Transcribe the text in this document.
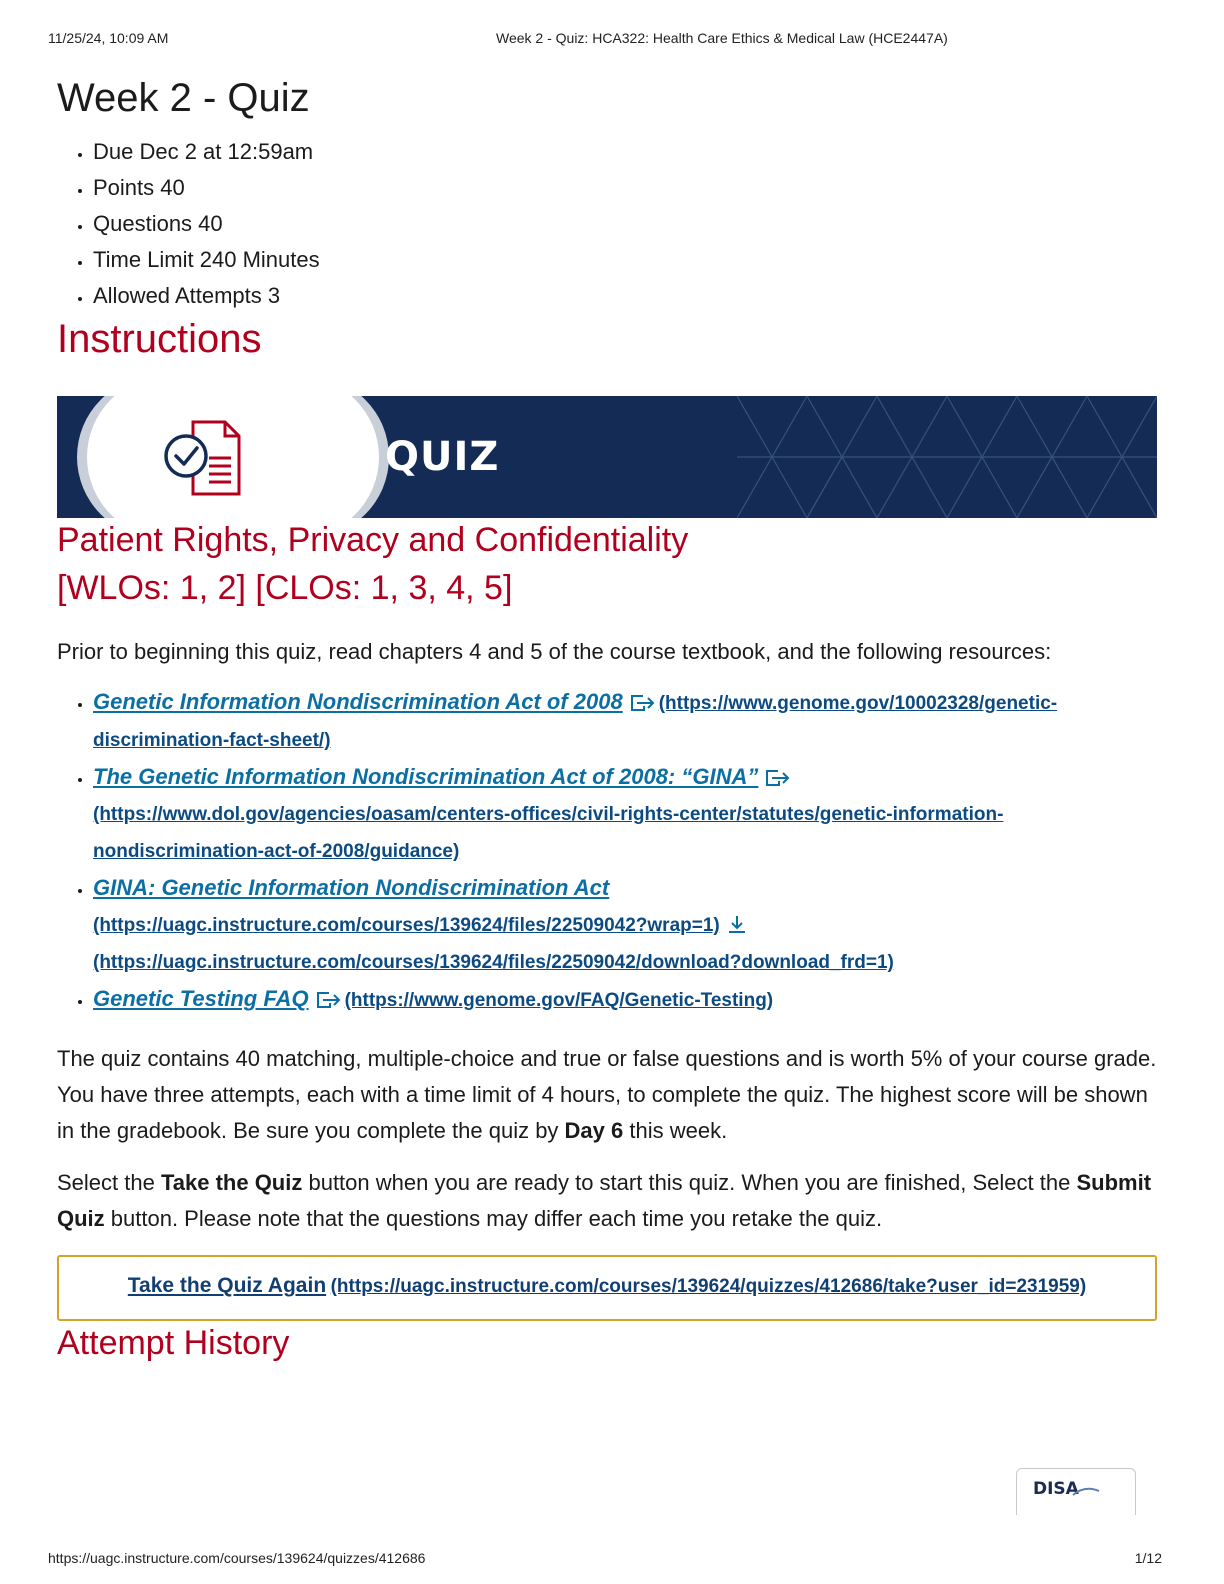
11/25/24, 10:09 AM	Week 2 - Quiz: HCA322: Health Care Ethics & Medical Law (HCE2447A)
Week 2 - Quiz
• Due Dec 2 at 12:59am
• Points 40
• Questions 40
• Time Limit 240 Minutes
• Allowed Attempts 3
Instructions
QUIZ
Patient Rights, Privacy and Confidentiality
[WLOs: 1, 2] [CLOs: 1, 3, 4, 5]

Prior to beginning this quiz, read chapters 4 and 5 of the course textbook, and the following resources:

• Genetic Information Nondiscrimination Act of 2008 (https://www.genome.gov/10002328/genetic-discrimination-fact-sheet/)
• The Genetic Information Nondiscrimination Act of 2008: “GINA”
(https://www.dol.gov/agencies/oasam/centers-offices/civil-rights-center/statutes/genetic-information-nondiscrimination-act-of-2008/guidance)
• GINA: Genetic Information Nondiscrimination Act
(https://uagc.instructure.com/courses/139624/files/22509042?wrap=1)
(https://uagc.instructure.com/courses/139624/files/22509042/download?download_frd=1)
• Genetic Testing FAQ (https://www.genome.gov/FAQ/Genetic-Testing)

The quiz contains 40 matching, multiple-choice and true or false questions and is worth 5% of your course grade. You have three attempts, each with a time limit of 4 hours, to complete the quiz. The highest score will be shown in the gradebook. Be sure you complete the quiz by Day 6 this week.

Select the Take the Quiz button when you are ready to start this quiz. When you are finished, Select the Submit Quiz button. Please note that the questions may differ each time you retake the quiz.

Take the Quiz Again (https://uagc.instructure.com/courses/139624/quizzes/412686/take?user_id=231959)
Attempt History
DISA
https://uagc.instructure.com/courses/139624/quizzes/412686	1/12
